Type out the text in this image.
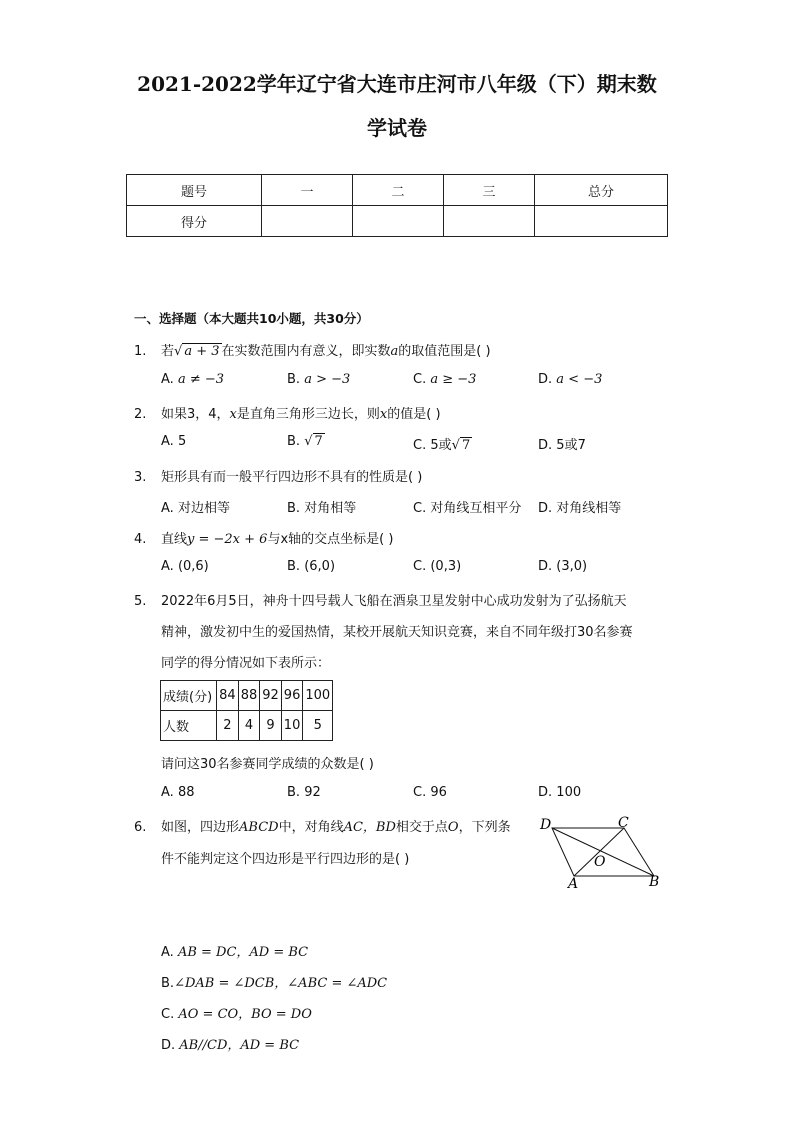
2021-2022学年辽宁省大连市庄河市八年级（下）期末数
学试卷
题号	一	二	三	总分
得分				
一、选择题（本大题共10小题，共30分）
1. 若√ a + 3 在实数范围内有意义，即实数a的取值范围是( )
A. a ≠ −3	B. a > −3	C. a ≥ −3	D. a < −3
2. 如果3，4，x是直角三角形三边长，则x的值是( )
A. 5	B. √ 7	C. 5或√ 7	D. 5或7
3. 矩形具有而一般平行四边形不具有的性质是( )
A. 对边相等	B. 对角相等	C. 对角线互相平分 D. 对角线相等
4. 直线y = −2x + 6与x轴的交点坐标是( )
A. (0,6)	B. (6,0)	C. (0,3)	D. (3,0)
5. 2022年6月5日，神舟十四号载人飞船在酒泉卫星发射中心成功发射为了弘扬航天
精神，激发初中生的爱国热情，某校开展航天知识竞赛，来自不同年级打30名参赛
同学的得分情况如下表所示：
成绩(分)	84	88	92	96	100
人数	2	4	9	10	5
请问这30名参赛同学成绩的众数是( )
A. 88	B. 92	C. 96	D. 100
6. 如图，四边形ABCD中，对角线AC，BD相交于点O，下列条
件不能判定这个四边形是平行四边形的是( )
D	C
O
A	B
A. AB = DC，AD = BC
B.∠DAB = ∠DCB，∠ABC = ∠ADC
C. AO = CO，BO = DO
D. AB//CD，AD = BC
